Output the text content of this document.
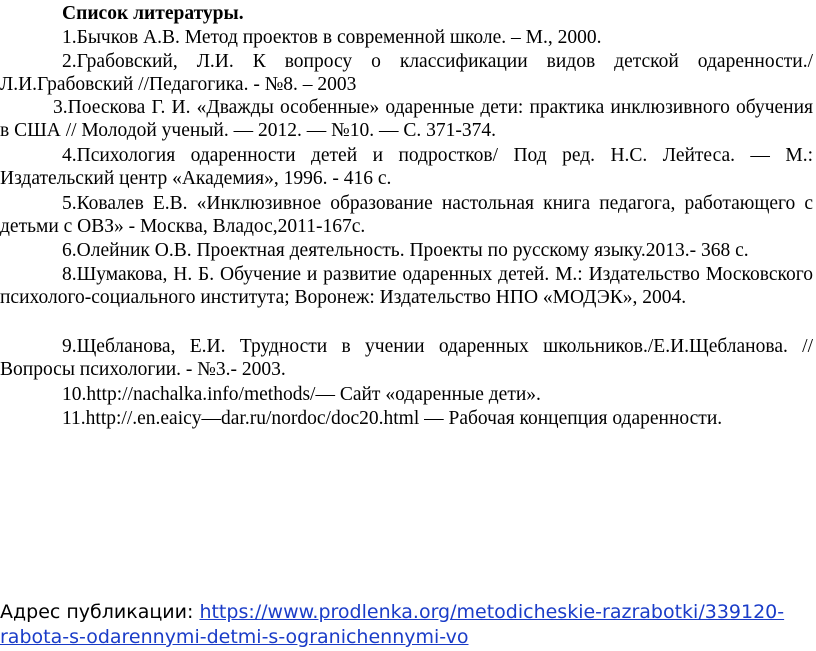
Список литературы.
1.Бычков А.В. Метод проектов в современной школе. – М., 2000.
2.Грабовский, Л.И. К вопросу о классификации видов детской одаренности./Л.И.Грабовский //Педагогика. - №8. – 2003
3.Поескова Г. И. «Дважды особенные» одаренные дети: практика инклюзивного обучения в США // Молодой ученый. — 2012. — №10. — С. 371-374.
4.Психология одаренности детей и подростков/ Под ред. Н.С. Лейтеса. — М.: Издательский центр «Академия», 1996. - 416 с.
5.Ковалев Е.В. «Инклюзивное образование настольная книга педагога, работающего с детьми с ОВЗ» - Москва, Владос,2011-167с.
6.Олейник О.В. Проектная деятельность. Проекты по русскому языку.2013.- 368 с.
8.Шумакова, Н. Б. Обучение и развитие одаренных детей. М.: Издательство Московского психолого-социального института; Воронеж: Издательство НПО «МОДЭК», 2004.
9.Щебланова, Е.И. Трудности в учении одаренных школьников./Е.И.Щебланова. //Вопросы психологии. - №3.- 2003.
10.http://nachalka.info/methods/— Сайт «одаренные дети».
11.http://.en.eaicy—dar.ru/nordoc/doc20.html — Рабочая концепция одаренности.
Адрес публикации: https://www.prodlenka.org/metodicheskie-razrabotki/339120-rabota-s-odarennymi-detmi-s-ogranichennymi-vo
